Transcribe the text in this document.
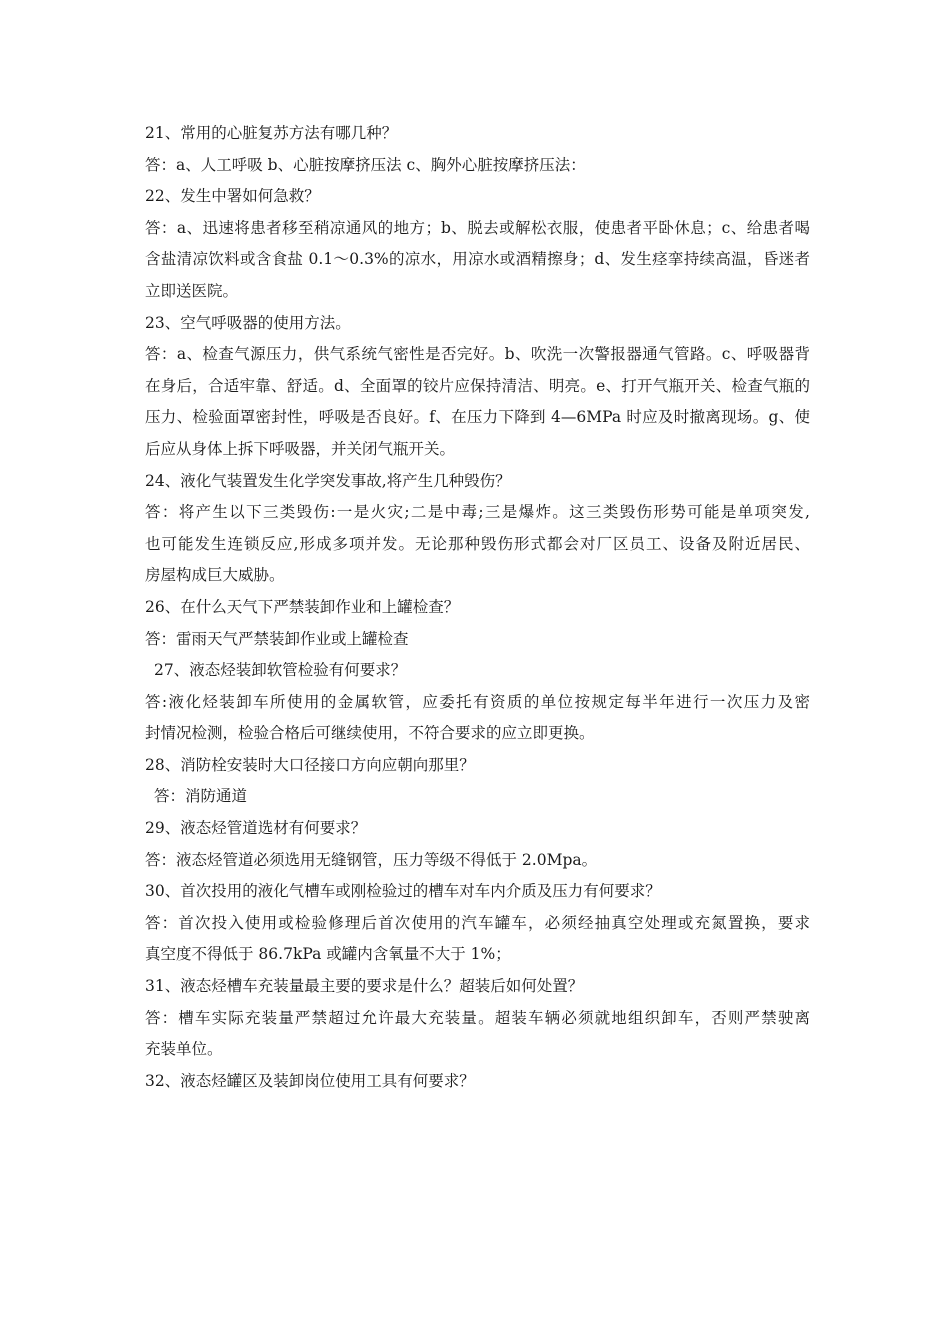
21、常用的心脏复苏方法有哪几种？
答：a、人工呼吸 b、心脏按摩挤压法 c、胸外心脏按摩挤压法：
22、发生中署如何急救？
答：a、迅速将患者移至稍凉通风的地方；b、脱去或解松衣服，使患者平卧休息；c、给患者喝
含盐清凉饮料或含食盐 0.1～0.3%的凉水，用凉水或酒精擦身；d、发生痉挛持续高温，昏迷者
立即送医院。
23、空气呼吸器的使用方法。
答：a、检查气源压力，供气系统气密性是否完好。b、吹洗一次警报器通气管路。c、呼吸器背
在身后，合适牢靠、舒适。d、全面罩的铰片应保持清洁、明亮。e、打开气瓶开关、检查气瓶的
压力、检验面罩密封性，呼吸是否良好。f、在压力下降到 4—6MPa 时应及时撤离现场。g、使
后应从身体上拆下呼吸器，并关闭气瓶开关。
24、液化气装置发生化学突发事故,将产生几种毁伤？
答：将产生以下三类毁伤:一是火灾;二是中毒;三是爆炸。这三类毁伤形势可能是单项突发,
也可能发生连锁反应,形成多项并发。无论那种毁伤形式都会对厂区员工、设备及附近居民、
房屋构成巨大威胁。
26、在什么天气下严禁装卸作业和上罐检查？
答：雷雨天气严禁装卸作业或上罐检查
27、液态烃装卸软管检验有何要求？
答:液化烃装卸车所使用的金属软管，应委托有资质的单位按规定每半年进行一次压力及密
封情况检测，检验合格后可继续使用，不符合要求的应立即更换。
28、消防栓安装时大口径接口方向应朝向那里？
答：消防通道
29、液态烃管道选材有何要求？
答：液态烃管道必须选用无缝钢管，压力等级不得低于 2.0Mpa。
30、首次投用的液化气槽车或刚检验过的槽车对车内介质及压力有何要求？
答：首次投入使用或检验修理后首次使用的汽车罐车，必须经抽真空处理或充氮置换，要求
真空度不得低于 86.7kPa 或罐内含氧量不大于 1%；
31、液态烃槽车充装量最主要的要求是什么？超装后如何处置？
答：槽车实际充装量严禁超过允许最大充装量。超装车辆必须就地组织卸车，否则严禁驶离
充装单位。
32、液态烃罐区及装卸岗位使用工具有何要求？
